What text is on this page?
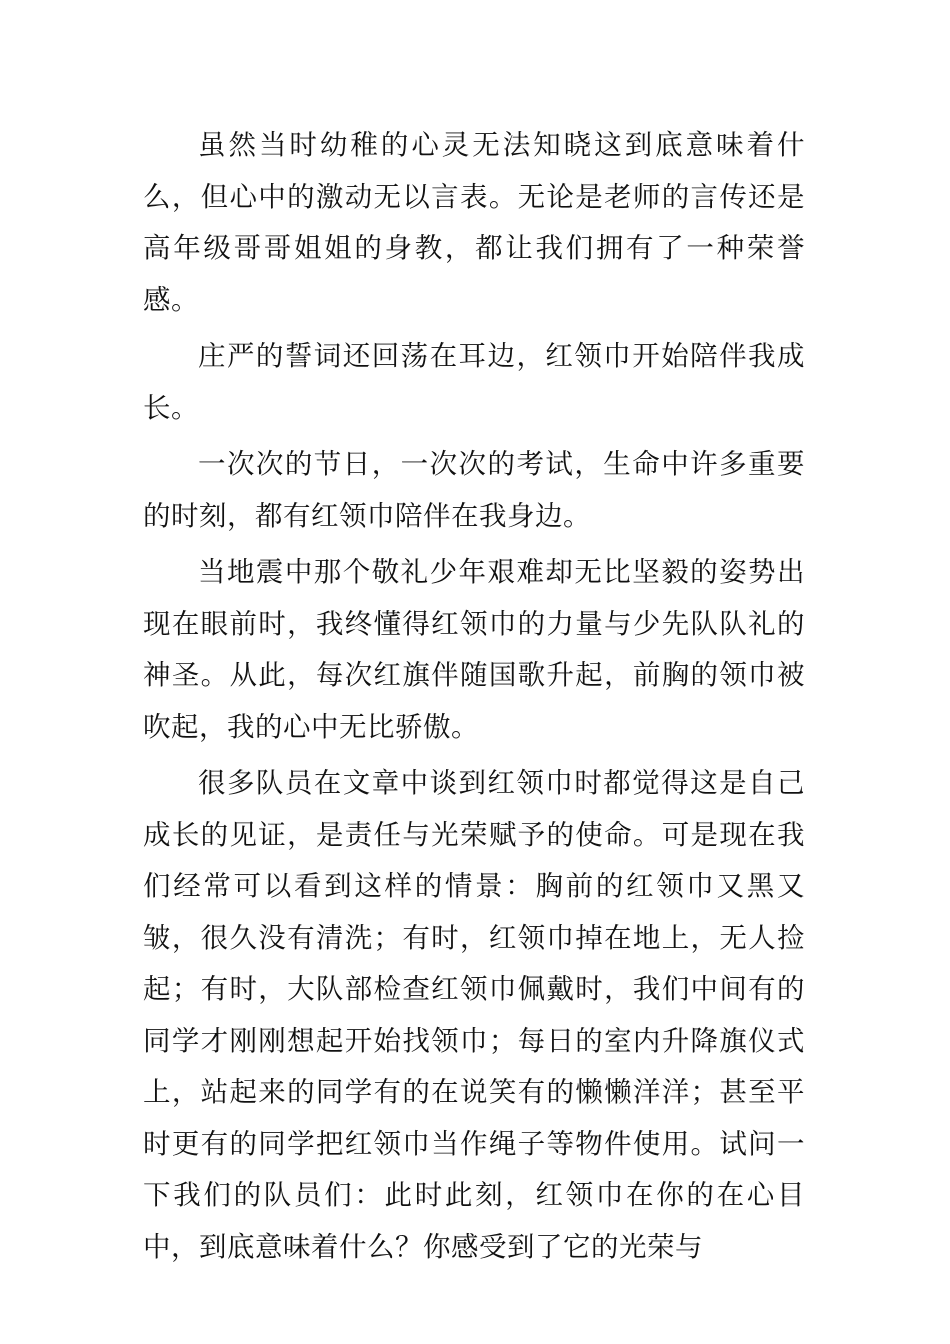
虽然当时幼稚的心灵无法知晓这到底意味着什么，但心中的激动无以言表。无论是老师的言传还是高年级哥哥姐姐的身教，都让我们拥有了一种荣誉感。

庄严的誓词还回荡在耳边，红领巾开始陪伴我成长。

一次次的节日，一次次的考试，生命中许多重要的时刻，都有红领巾陪伴在我身边。

当地震中那个敬礼少年艰难却无比坚毅的姿势出现在眼前时，我终懂得红领巾的力量与少先队队礼的神圣。从此，每次红旗伴随国歌升起，前胸的领巾被吹起，我的心中无比骄傲。

很多队员在文章中谈到红领巾时都觉得这是自己成长的见证，是责任与光荣赋予的使命。可是现在我们经常可以看到这样的情景：胸前的红领巾又黑又皱，很久没有清洗；有时，红领巾掉在地上，无人捡起；有时，大队部检查红领巾佩戴时，我们中间有的同学才刚刚想起开始找领巾；每日的室内升降旗仪式上，站起来的同学有的在说笑有的懒懒洋洋；甚至平时更有的同学把红领巾当作绳子等物件使用。试问一下我们的队员们：此时此刻，红领巾在你的在心目中，到底意味着什么？你感受到了它的光荣与
